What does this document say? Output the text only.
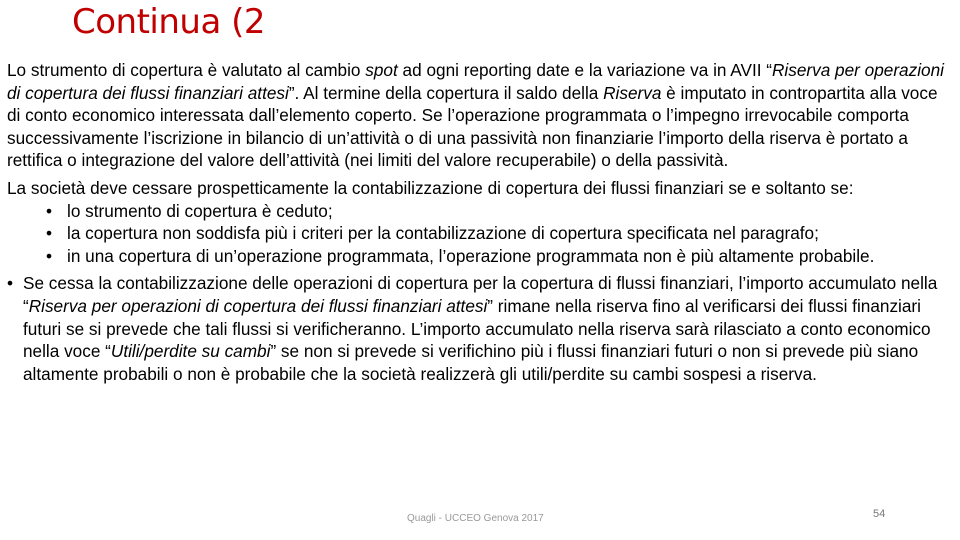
Continua (2

Lo strumento di copertura è valutato al cambio spot ad ogni reporting date e la variazione va in AVII “Riserva per operazioni di copertura dei flussi finanziari attesi”. Al termine della copertura il saldo della Riserva è imputato in contropartita alla voce di conto economico interessata dall’elemento coperto. Se l’operazione programmata o l’impegno irrevocabile comporta successivamente l’iscrizione in bilancio di un’attività o di una passività non finanziarie l’importo della riserva è portato a rettifica o integrazione del valore dell’attività (nei limiti del valore recuperabile) o della passività.

La società deve cessare prospetticamente la contabilizzazione di copertura dei flussi finanziari se e soltanto se:

• lo strumento di copertura è ceduto;
• la copertura non soddisfa più i criteri per la contabilizzazione di copertura specificata nel paragrafo;
• in una copertura di un’operazione programmata, l’operazione programmata non è più altamente probabile.
• Se cessa la contabilizzazione delle operazioni di copertura per la copertura di flussi finanziari, l’importo accumulato nella “Riserva per operazioni di copertura dei flussi finanziari attesi” rimane nella riserva fino al verificarsi dei flussi finanziari futuri se si prevede che tali flussi si verificheranno. L’importo accumulato nella riserva sarà rilasciato a conto economico nella voce “Utili/perdite su cambi” se non si prevede si verifichino più i flussi finanziari futuri o non si prevede più siano altamente probabili o non è probabile che la società realizzerà gli utili/perdite su cambi sospesi a riserva.
Quagli - UCCEO Genova 2017	54
